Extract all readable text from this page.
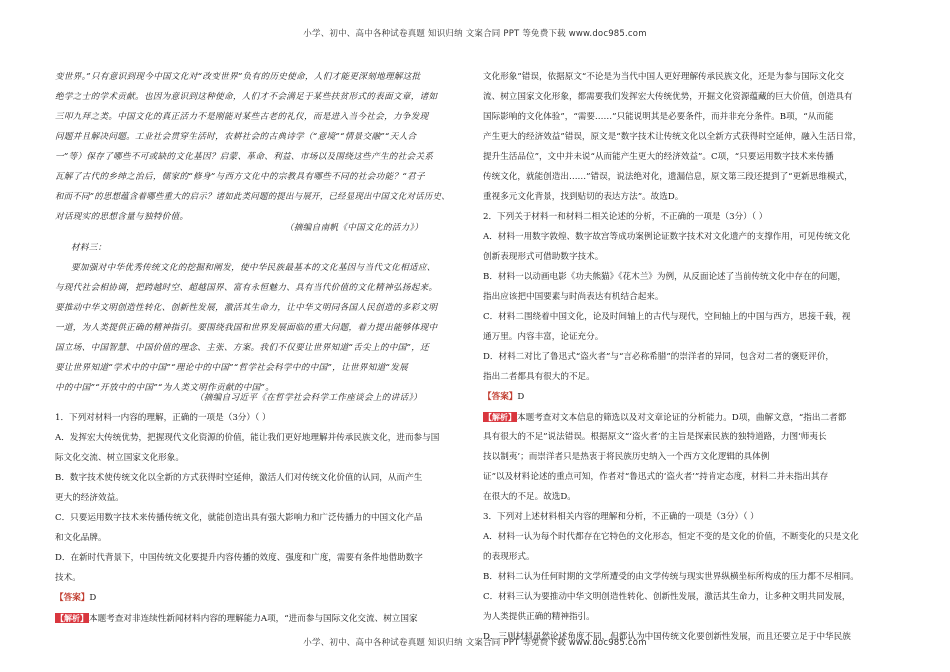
小学、初中、高中各种试卷真题 知识归纳 文案合同 PPT 等免费下载 www.doc985.com
变世界。”只有意识到现今中国文化对“改变世界”负有的历史使命，人们才能更深刻地理解这批
绝学之士的学术贡献。也因为意识到这种使命，人们才不会满足于某些扶贫形式的表面文章，诸如
三叩九拜之类。中国文化的真正活力不是刚能对某些古老的礼仪，而是进入当今社会，力争发现
问题并且解决问题。工业社会贯穿生活时，农耕社会的古典诗学（“意境”“情景交融”“天人合
一”等）保存了哪些不可或缺的文化基因？启蒙、革命、利益、市场以及围绕这些产生的社会关系
瓦解了古代的乡绅之治后，儒家的“修身”与西方文化中的宗教具有哪些不同的社会功能？“君子
和而不同”的思想蕴含着哪些重大的启示？诸如此类问题的提出与展开，已经显现出中国文化对话历史、
对话现实的思想含量与独特价值。
（摘编自南帆《中国文化的活力》）
材料三：
要加强对中华优秀传统文化的挖掘和阐发，使中华民族最基本的文化基因与当代文化相适应、
与现代社会相协调，把跨越时空、超越国界、富有永恒魅力、具有当代价值的文化精神弘扬起来。
要推动中华文明创造性转化、创新性发展，激活其生命力，让中华文明同各国人民创造的多彩文明
一道，为人类提供正确的精神指引。要围绕我国和世界发展面临的重大问题，着力提出能够体现中
国立场、中国智慧、中国价值的理念、主张、方案。我们不仅要让世界知道“舌尖上的中国”，还
要让世界知道“学术中的中国”“理论中的中国”“哲学社会科学中的中国”，让世界知道“发展
中的中国”“开放中的中国”“为人类文明作贡献的中国”。
（摘编自习近平《在哲学社会科学工作座谈会上的讲话》）
1．下列对材料一内容的理解，正确的一项是（3分）（ ）
A．发挥宏大传统优势，把握现代文化资源的价值，能让我们更好地理解并传承民族文化，进而参与国
际文化交流、树立国家文化形象。
B．数字技术使传统文化以全新的方式获得时空延伸，激活人们对传统文化价值的认同，从而产生
更大的经济效益。
C．只要运用数字技术来传播传统文化，就能创造出具有强大影响力和广泛传播力的中国文化产品
和文化品牌。
D．在新时代背景下，中国传统文化要提升内容传播的效度、强度和广度，需要有条件地借助数字
技术。
【答案】D
【解析】本题考查对非连续性新闻材料内容的理解能力A项，“进而参与国际文化交流、树立国家
文化形象”错误，依据原文“不论是为当代中国人更好理解传承民族文化，还是为参与国际文化交
流、树立国家文化形象，都需要我们发挥宏大传统优势，开掘文化资源蕴藏的巨大价值，创造具有
国际影响的文化体验”，“需要……”只能说明其是必要条件，而并非充分条件。B项，“从而能
产生更大的经济效益”错误，原文是“数字技术让传统文化以全新方式获得时空延伸，融入生活日常，
提升生活品位”，文中并未说“从而能产生更大的经济效益”。C项，“只要运用数字技术来传播
传统文化，就能创造出……”错误，说法绝对化，遗漏信息，原文第三段还提到了“更新思维模式，
重视多元文化背景，找到贴切的表达方法”。故选D。
2．下列关于材料一和材料二相关论述的分析，不正确的一项是（3分）（ ）
A．材料一用数字敦煌、数字故宫等成功案例论证数字技术对文化遗产的支撑作用，可见传统文化
创新表现形式可借助数字技术。
B．材料一以动画电影《功夫熊猫》《花木兰》为例，从反面论述了当前传统文化中存在的问题，
指出应该把中国要素与时尚表达有机结合起来。
C．材料二围绕着中国文化，论及时间轴上的古代与现代，空间轴上的中国与西方，思接千载，视
通万里。内容丰富，论证充分。
D．材料二对比了鲁迅式“盗火者”与“言必称希腊”的崇洋者的异同，包含对二者的褒贬评价，
指出二者都具有很大的不足。
【答案】D
【解析】本题考查对文本信息的筛选以及对文章论证的分析能力。D项，曲解文意，“指出二者都
具有很大的不足”说法错误。根据原文“‘盗火者’的主旨是探索民族的独特道路，力图‘师夷长
技以制夷’；而崇洋者只是热衷于将民族历史纳入一个西方文化逻辑的具体例
证”以及材料论述的重点可知，作者对“鲁迅式的‘盗火者’”持肯定态度，材料二并未指出其存
在很大的不足。故选D。
3．下列对上述材料相关内容的理解和分析，不正确的一项是（3分）（ ）
A．材料一认为每个时代都存在它特色的文化形态，恒定不变的是文化的价值，不断变化的只是文化
的表现形式。
B．材料二认为任何时期的文学所遭受的由文学传统与现实世界纵横坐标所构成的压力都不尽相同。
C．材料三认为要推动中华文明创造性转化、创新性发展，激活其生命力，让多种文明共同发展，
为人类提供正确的精神指引。
D．三则材料虽然论述角度不同，但都认为中国传统文化要创新性发展，而且还要立足于中华民族
小学、初中、高中各种试卷真题 知识归纳 文案合同 PPT 等免费下载 www.doc985.com
